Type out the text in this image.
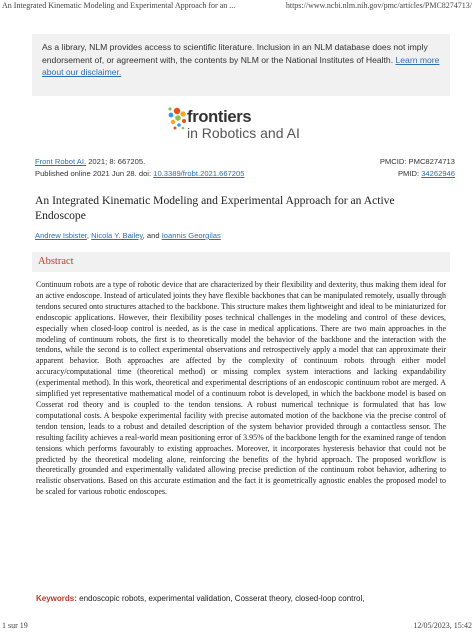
An Integrated Kinematic Modeling and Experimental Approach for an ...	https://www.ncbi.nlm.nih.gov/pmc/articles/PMC8274713/
As a library, NLM provides access to scientific literature. Inclusion in an NLM database does not imply endorsement of, or agreement with, the contents by NLM or the National Institutes of Health. Learn more about our disclaimer.
frontiers
in Robotics and AI
Front Robot AI. 2021; 8: 667205.	PMCID: PMC8274713
Published online 2021 Jun 28. doi: 10.3389/frobt.2021.667205	PMID: 34262946
An Integrated Kinematic Modeling and Experimental Approach for an Active Endoscope
Andrew Isbister, Nicola Y. Bailey, and Ioannis Georgilas
Abstract
Continuum robots are a type of robotic device that are characterized by their flexibility and dexterity, thus making them ideal for an active endoscope. Instead of articulated joints they have flexible backbones that can be manipulated remotely, usually through tendons secured onto structures attached to the backbone. This structure makes them lightweight and ideal to be miniaturized for endoscopic applications. However, their flexibility poses technical challenges in the modeling and control of these devices, especially when closed-loop control is needed, as is the case in medical applications. There are two main approaches in the modeling of continuum robots, the first is to theoretically model the behavior of the backbone and the interaction with the tendons, while the second is to collect experimental observations and retrospectively apply a model that can approximate their apparent behavior. Both approaches are affected by the complexity of continuum robots through either model accuracy/computational time (theoretical method) or missing complex system interactions and lacking expandability (experimental method). In this work, theoretical and experimental descriptions of an endoscopic continuum robot are merged. A simplified yet representative mathematical model of a continuum robot is developed, in which the backbone model is based on Cosserat rod theory and is coupled to the tendon tensions. A robust numerical technique is formulated that has low computational costs. A bespoke experimental facility with precise automated motion of the backbone via the precise control of tendon tension, leads to a robust and detailed description of the system behavior provided through a contactless sensor. The resulting facility achieves a real-world mean positioning error of 3.95% of the backbone length for the examined range of tendon tensions which performs favourably to existing approaches. Moreover, it incorporates hysteresis behavior that could not be predicted by the theoretical modeling alone, reinforcing the benefits of the hybrid approach. The proposed workflow is theoretically grounded and experimentally validated allowing precise prediction of the continuum robot behavior, adhering to realistic observations. Based on this accurate estimation and the fact it is geometrically agnostic enables the proposed model to be scaled for various robotic endoscopes.
Keywords: endoscopic robots, experimental validation, Cosserat theory, closed-loop control,
1 sur 19	12/05/2023, 15:42
